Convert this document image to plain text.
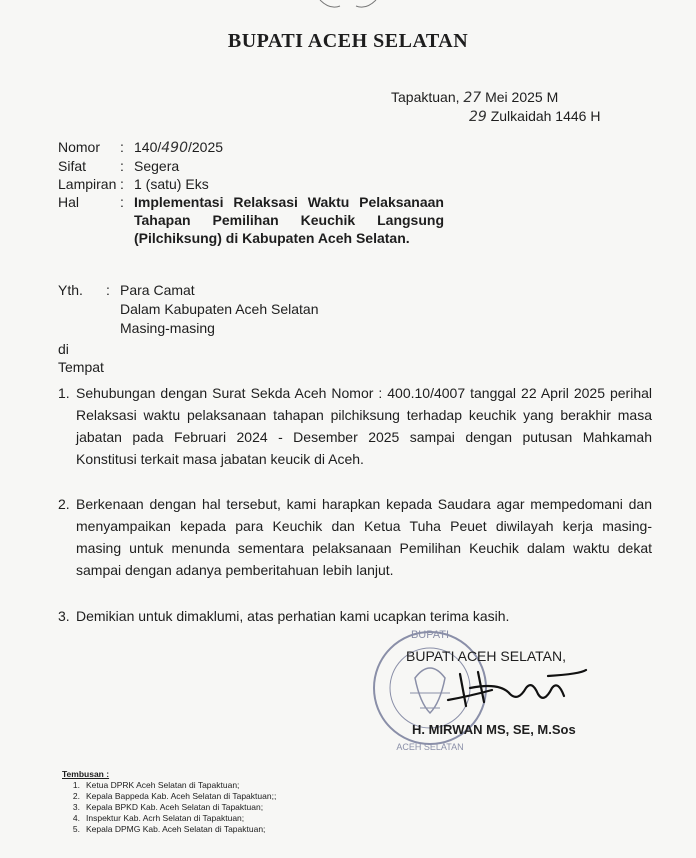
BUPATI ACEH SELATAN
Tapaktuan, 27 Mei 2025 M
29 Zulkaidah 1446 H
Nomor	: 140/490/2025
Sifat	: Segera
Lampiran : 1 (satu) Eks
Hal	: Implementasi Relaksasi Waktu Pelaksanaan
Tahapan Pemilihan Keuchik Langsung
(Pilchiksung) di Kabupaten Aceh Selatan.
Yth.	: Para Camat
Dalam Kabupaten Aceh Selatan
Masing-masing
di
Tempat
1. Sehubungan dengan Surat Sekda Aceh Nomor : 400.10/4007 tanggal 22 April 2025 perihal
Relaksasi waktu pelaksanaan tahapan pilchiksung terhadap keuchik yang berakhir masa
jabatan pada Februari 2024 - Desember 2025 sampai dengan putusan Mahkamah
Konstitusi terkait masa jabatan keucik di Aceh.
2. Berkenaan dengan hal tersebut, kami harapkan kepada Saudara agar mempedomani dan
menyampaikan kepada para Keuchik dan Ketua Tuha Peuet diwilayah kerja masing-
masing untuk menunda sementara pelaksanaan Pemilihan Keuchik dalam waktu dekat
sampai dengan adanya pemberitahuan lebih lanjut.
3. Demikian untuk dimaklumi, atas perhatian kami ucapkan terima kasih.
BUPATI
ACEH SELATAN
BUPATI ACEH SELATAN,
H. MIRWAN MS, SE, M.Sos
Tembusan :
1. Ketua DPRK Aceh Selatan di Tapaktuan;
2. Kepala Bappeda Kab. Aceh Selatan di Tapaktuan;;
3. Kepala BPKD Kab. Aceh Selatan di Tapaktuan;
4. Inspektur Kab. Acrh Selatan di Tapaktuan;
5. Kepala DPMG Kab. Aceh Selatan di Tapaktuan;
